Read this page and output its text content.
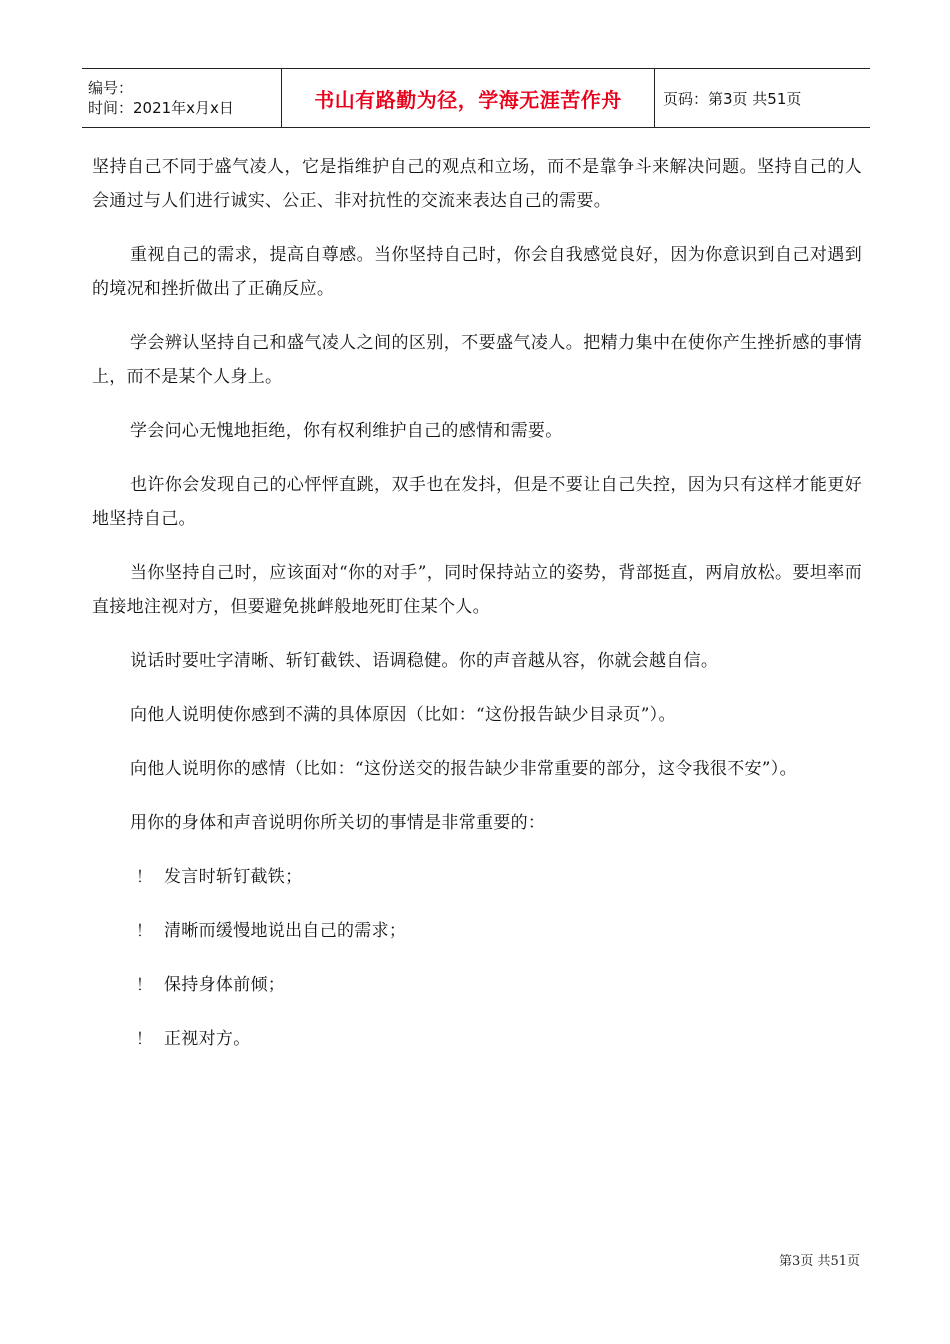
编号：
时间：2021年x月x日	书山有路勤为径，学海无涯苦作舟	页码：第3页 共51页

坚持自己不同于盛气凌人，它是指维护自己的观点和立场，而不是靠争斗来解决问题。坚持自己的人会通过与人们进行诚实、公正、非对抗性的交流来表达自己的需要。

重视自己的需求，提高自尊感。当你坚持自己时，你会自我感觉良好，因为你意识到自己对遇到的境况和挫折做出了正确反应。

学会辨认坚持自己和盛气凌人之间的区别，不要盛气凌人。把精力集中在使你产生挫折感的事情上，而不是某个人身上。

学会问心无愧地拒绝，你有权利维护自己的感情和需要。

也许你会发现自己的心怦怦直跳，双手也在发抖，但是不要让自己失控，因为只有这样才能更好地坚持自己。

当你坚持自己时，应该面对“你的对手”，同时保持站立的姿势，背部挺直，两肩放松。要坦率而直接地注视对方，但要避免挑衅般地死盯住某个人。

说话时要吐字清晰、斩钉截铁、语调稳健。你的声音越从容，你就会越自信。

向他人说明使你感到不满的具体原因（比如：“这份报告缺少目录页”）。

向他人说明你的感情（比如：“这份送交的报告缺少非常重要的部分，这令我很不安”）。

用你的身体和声音说明你所关切的事情是非常重要的：

！ 发言时斩钉截铁；

！ 清晰而缓慢地说出自己的需求；

！ 保持身体前倾；

！ 正视对方。

第3页 共51页
